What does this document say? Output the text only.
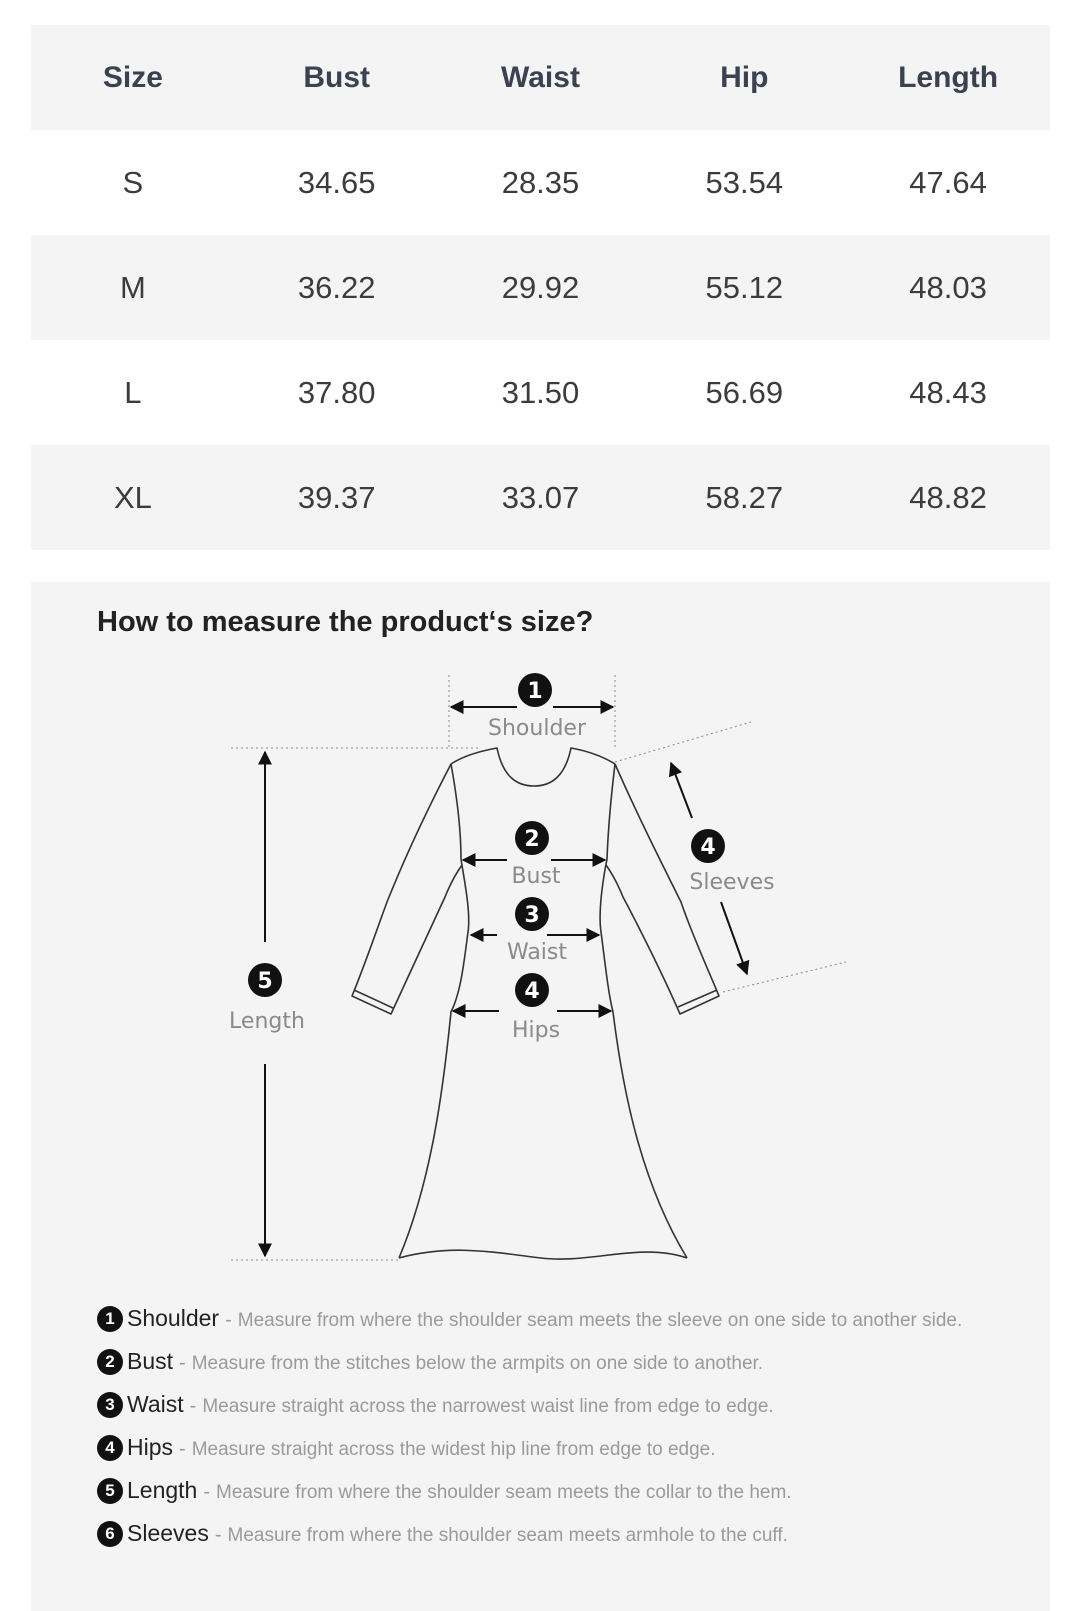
Size	Bust	Waist	Hip	Length
S	34.65	28.35	53.54	47.64
M	36.22	29.92	55.12	48.03
L	37.80	31.50	56.69	48.43
XL	39.37	33.07	58.27	48.82
How to measure the product‘s size?
1
Shoulder
2
Bust
3
Waist
4
Hips
4
Sleeves
5
Length
1 Shoulder - Measure from where the shoulder seam meets the sleeve on one side to another side.
2 Bust - Measure from the stitches below the armpits on one side to another.
3 Waist - Measure straight across the narrowest waist line from edge to edge.
4 Hips - Measure straight across the widest hip line from edge to edge.
5 Length - Measure from where the shoulder seam meets the collar to the hem.
6 Sleeves - Measure from where the shoulder seam meets armhole to the cuff.
